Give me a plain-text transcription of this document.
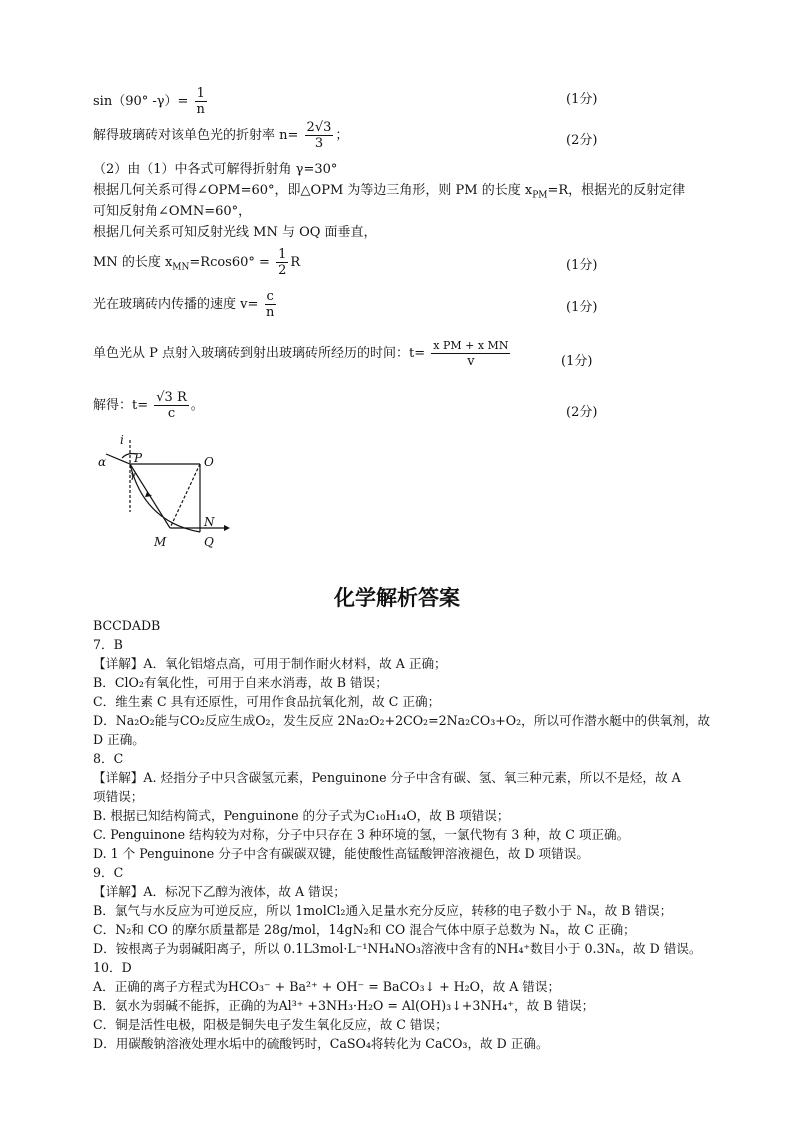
sin（90° $-\gamma)= \frac{1}{n}$	(1分)
解得玻璃砖对该单色光的折射率 $n= \frac{2√3}{3}$ ；	(2分)
（2）由（1）中各式可解得折射角 γ=30°
根据几何关系可得∠OPM=60°，即△OPM 为等边三角形，则 PM 的长度 $x_{PM}=R$，根据光的反射定律
可知反射角∠OMN=60°，
根据几何关系可知反射光线 MN 与 OQ 面垂直，
MN 的长度 $x_{MN}=Rcos60^\circ = \frac{1}{2}$ R	(1分)
光在玻璃砖内传播的速度 $v= \frac{c}{n}$	(1分)
单色光从 P 点射入玻璃砖到射出玻璃砖所经历的时间：$t= \frac{\text{x PM + x MN}}{v}$	(1分)
解得：$t= \frac{√3 R}{c}$ 。	(2分)
i
α P	O
N
M	Q
γ
化学解析答案
BCCDADB
7．B
【详解】A．氧化铝熔点高，可用于制作耐火材料，故 A 正确；
B．ClO₂有氧化性，可用于自来水消毒，故 B 错误；
C．维生素 C 具有还原性，可用作食品抗氧化剂，故 C 正确；
D．Na₂O₂能与CO₂反应生成O₂，发生反应 2Na₂O₂+2CO₂=2Na₂CO₃+O₂，所以可作潜水艇中的供氧剂，故
D 正确。
8．C
【详解】A. 烃指分子中只含碳氢元素，Penguinone 分子中含有碳、氢、氧三种元素，所以不是烃，故 A
项错误；
B. 根据已知结构简式，Penguinone 的分子式为C₁₀H₁₄O，故 B 项错误；
C. Penguinone 结构较为对称，分子中只存在 3 种环境的氢，一氯代物有 3 种，故 C 项正确。
D. 1 个 Penguinone 分子中含有碳碳双键，能使酸性高锰酸钾溶液褪色，故 D 项错误。
9．C
【详解】A．标况下乙醇为液体，故 A 错误；
B．氯气与水反应为可逆反应，所以 1molCl₂通入足量水充分反应，转移的电子数小于 Nₐ，故 B 错误；
C．N₂和 CO 的摩尔质量都是 28g/mol，14gN₂和 CO 混合气体中原子总数为 Nₐ，故 C 正确；
D．铵根离子为弱碱阳离子，所以 0.1L3mol·L⁻¹NH₄NO₃溶液中含有的NH₄⁺数目小于 0.3Nₐ，故 D 错误。
10．D
A．正确的离子方程式为HCO₃⁻ + Ba²⁺ + OH⁻ = BaCO₃↓ + H₂O，故 A 错误；
B．氨水为弱碱不能拆，正确的为Al³⁺ +3NH₃·H₂O = Al(OH)₃↓+3NH₄⁺，故 B 错误；
C．铜是活性电极，阳极是铜失电子发生氧化反应，故 C 错误；
D．用碳酸钠溶液处理水垢中的硫酸钙时，CaSO₄将转化为 CaCO₃，故 D 正确。
